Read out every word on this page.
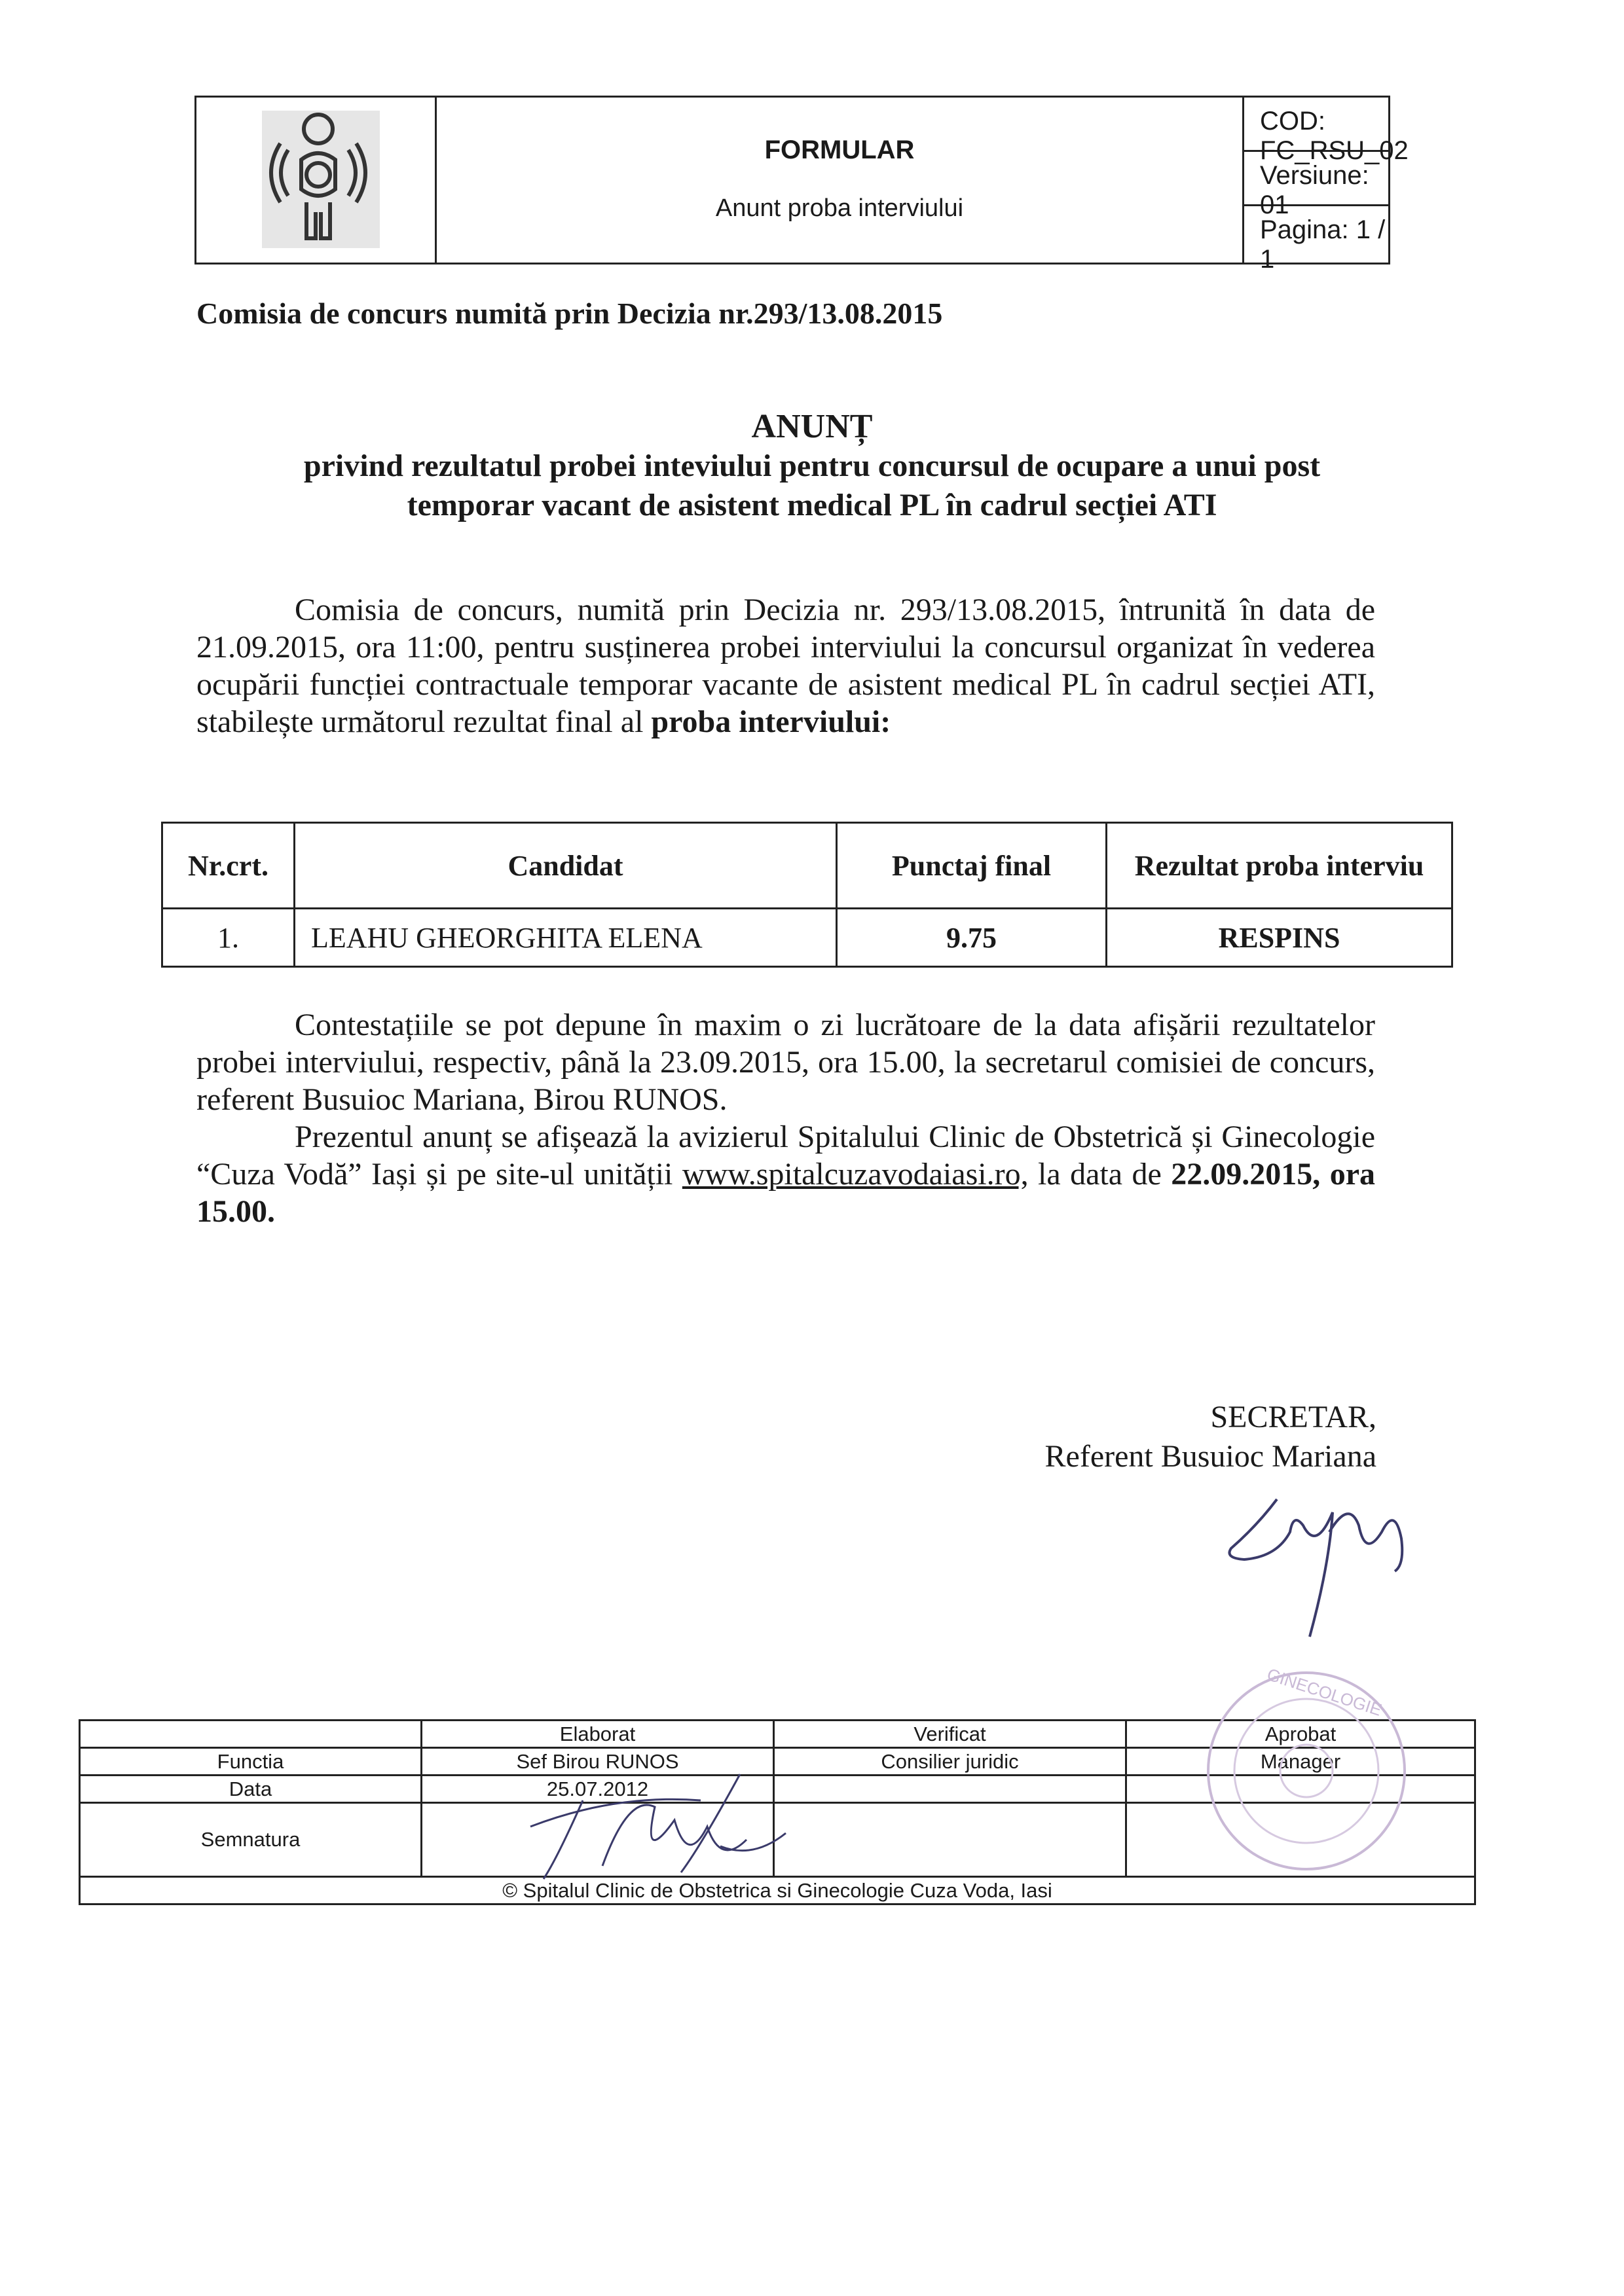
FORMULAR
Anunt proba interviului
COD: FC_RSU_02
Versiune: 01
Pagina: 1 / 1
Comisia de concurs numită prin Decizia nr.293/13.08.2015
ANUNȚ
privind rezultatul probei inteviului pentru concursul de ocupare a unui post
temporar vacant de asistent medical PL în cadrul secției ATI

Comisia de concurs, numită prin Decizia nr. 293/13.08.2015, întrunită în data de 21.09.2015, ora 11:00, pentru susținerea probei interviului la concursul organizat în vederea ocupării funcției contractuale temporar vacante de asistent medical PL în cadrul secției ATI, stabilește următorul rezultat final al proba interviului:

Nr.crt.	Candidat	Punctaj final	Rezultat proba interviu
1.	LEAHU GHEORGHITA ELENA	9.75	RESPINS

Contestațiile se pot depune în maxim o zi lucrătoare de la data afișării rezultatelor probei interviului, respectiv, până la 23.09.2015, ora 15.00, la secretarul comisiei de concurs, referent Busuioc Mariana, Birou RUNOS.

Prezentul anunț se afișează la avizierul Spitalului Clinic de Obstetrică și Ginecologie “Cuza Vodă” Iași și pe site-ul unității www.spitalcuzavodaiasi.ro, la data de 22.09.2015, ora 15.00.

SECRETAR,
Referent Busuioc Mariana
	Elaborat	Verificat	Aprobat
Functia	Sef Birou RUNOS	Consilier juridic	Manager
Data	25.07.2012		
Semnatura			
© Spitalul Clinic de Obstetrica si Ginecologie Cuza Voda, Iasi			
GINECOLOGIE
